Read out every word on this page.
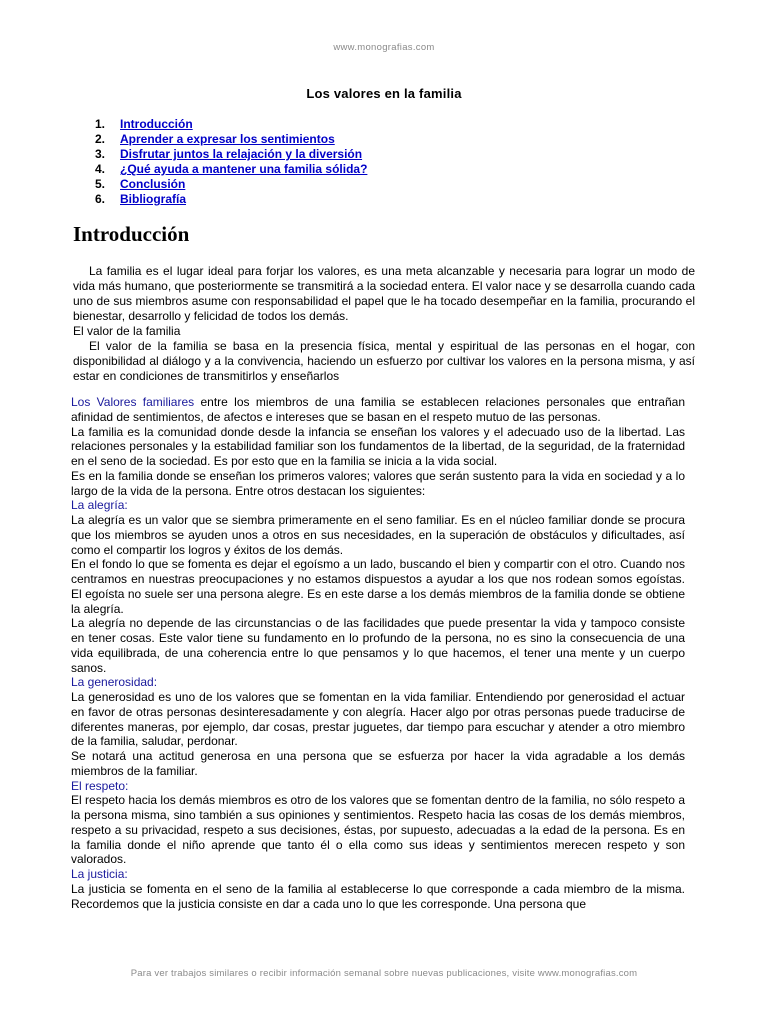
www.monografias.com
Los valores en la familia
1.	Introducción
2.	Aprender a expresar los sentimientos
3.	Disfrutar juntos la relajación y la diversión
4.	¿Qué ayuda a mantener una familia sólida?
5.	Conclusión
6.	Bibliografía
Introducción

La familia es el lugar ideal para forjar los valores, es una meta alcanzable y necesaria para lograr un modo de vida más humano, que posteriormente se transmitirá a la sociedad entera. El valor nace y se desarrolla cuando cada uno de sus miembros asume con responsabilidad el papel que le ha tocado desempeñar en la familia, procurando el bienestar, desarrollo y felicidad de todos los demás.

El valor de la familia

El valor de la familia se basa en la presencia física, mental y espiritual de las personas en el hogar, con disponibilidad al diálogo y a la convivencia, haciendo un esfuerzo por cultivar los valores en la persona misma, y así estar en condiciones de transmitirlos y enseñarlos

Los Valores familiares entre los miembros de una familia se establecen relaciones personales que entrañan afinidad de sentimientos, de afectos e intereses que se basan en el respeto mutuo de las personas.

La familia es la comunidad donde desde la infancia se enseñan los valores y el adecuado uso de la libertad. Las relaciones personales y la estabilidad familiar son los fundamentos de la libertad, de la seguridad, de la fraternidad en el seno de la sociedad. Es por esto que en la familia se inicia a la vida social.

Es en la familia donde se enseñan los primeros valores; valores que serán sustento para la vida en sociedad y a lo largo de la vida de la persona. Entre otros destacan los siguientes:

La alegría:

La alegría es un valor que se siembra primeramente en el seno familiar. Es en el núcleo familiar donde se procura que los miembros se ayuden unos a otros en sus necesidades, en la superación de obstáculos y dificultades, así como el compartir los logros y éxitos de los demás.

En el fondo lo que se fomenta es dejar el egoísmo a un lado, buscando el bien y compartir con el otro. Cuando nos centramos en nuestras preocupaciones y no estamos dispuestos a ayudar a los que nos rodean somos egoístas. El egoísta no suele ser una persona alegre. Es en este darse a los demás miembros de la familia donde se obtiene la alegría.

La alegría no depende de las circunstancias o de las facilidades que puede presentar la vida y tampoco consiste en tener cosas. Este valor tiene su fundamento en lo profundo de la persona, no es sino la consecuencia de una vida equilibrada, de una coherencia entre lo que pensamos y lo que hacemos, el tener una mente y un cuerpo sanos.

La generosidad:

La generosidad es uno de los valores que se fomentan en la vida familiar. Entendiendo por generosidad el actuar en favor de otras personas desinteresadamente y con alegría. Hacer algo por otras personas puede traducirse de diferentes maneras, por ejemplo, dar cosas, prestar juguetes, dar tiempo para escuchar y atender a otro miembro de la familia, saludar, perdonar.

Se notará una actitud generosa en una persona que se esfuerza por hacer la vida agradable a los demás miembros de la familiar.

El respeto:

El respeto hacia los demás miembros es otro de los valores que se fomentan dentro de la familia, no sólo respeto a la persona misma, sino también a sus opiniones y sentimientos. Respeto hacia las cosas de los demás miembros, respeto a su privacidad, respeto a sus decisiones, éstas, por supuesto, adecuadas a la edad de la persona. Es en la familia donde el niño aprende que tanto él o ella como sus ideas y sentimientos merecen respeto y son valorados.

La justicia:

La justicia se fomenta en el seno de la familia al establecerse lo que corresponde a cada miembro de la misma. Recordemos que la justicia consiste en dar a cada uno lo que les corresponde. Una persona que

Para ver trabajos similares o recibir información semanal sobre nuevas publicaciones, visite www.monografias.com
